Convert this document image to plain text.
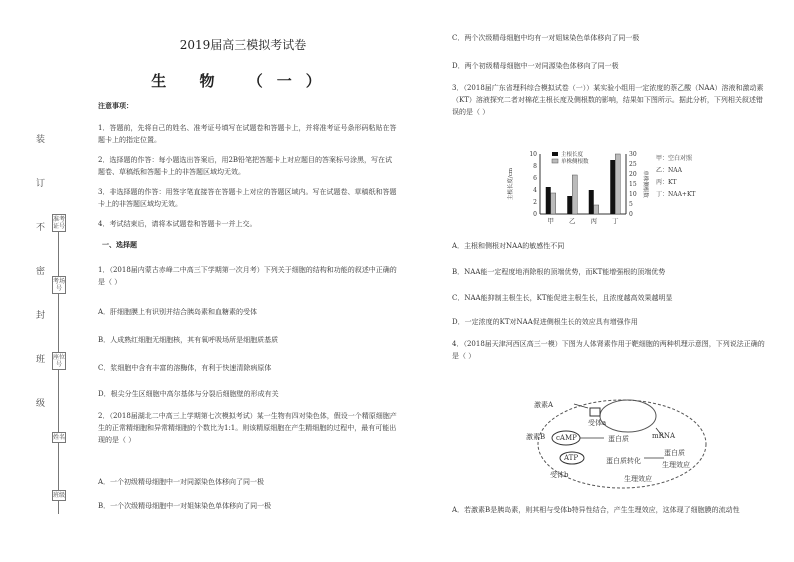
装
订
不
密
封
班
级
准考证号
考场号
座位号
姓名
班级
2019届高三模拟考试卷
生 物 （一）
注意事项：
1．答题前，先将自己的姓名、准考证号填写在试题卷和答题卡上，并将准考证号条形码粘贴在答题卡上的指定位置。
2．选择题的作答：每小题选出答案后，用2B铅笔把答题卡上对应题目的答案标号涂黑，写在试题卷、草稿纸和答题卡上的非答题区域均无效。
3．非选择题的作答：用签字笔直接答在答题卡上对应的答题区域内。写在试题卷、草稿纸和答题卡上的非答题区域均无效。
4．考试结束后，请将本试题卷和答题卡一并上交。
一、选择题
1．（2018届内蒙古赤峰二中高三下学期第一次月考）下列关于细胞的结构和功能的叙述中正确的是（ ）
A．肝细胞膜上有识别并结合胰岛素和血糖素的受体
B．人成熟红细胞无细胞核，其有氧呼吸场所是细胞质基质
C．浆细胞中含有丰富的溶酶体，有利于快速清除病原体
D．根尖分生区细胞中高尔基体与分裂后细胞壁的形成有关
2．（2018届湖北二中高三上学期第七次模拟考试）某一生物有四对染色体，假设一个精原细胞产生的正常精细胞和异常精细胞的个数比为1:1。则该精原细胞在产生精细胞的过程中，最有可能出现的是（ ）
A．一个初级精母细胞中一对同源染色体移向了同一极
B．一个次级精母细胞中一对姐妹染色单体移向了同一极
C．两个次级精母细胞中均有一对姐妹染色单体移向了同一极
D．两个初级精母细胞中一对同源染色体移向了同一极
3．（2018届广东省理科综合模拟试卷（一））某实验小组用一定浓度的萘乙酸（NAA）溶液和激动素（KT）溶液探究二者对棉花主根长度及侧根数的影响，结果如下图所示。据此分析，下列相关叙述错误的是（ ）
A．主根和侧根对NAA的敏感性不同
B．NAA能一定程度地消除根的顶端优势，而KT能增强根的顶端优势
C．NAA能抑制主根生长，KT能促进主根生长，且浓度越高效果越明显
D．一定浓度的KT对NAA促进侧根生长的效应具有增强作用
4．（2018届天津河西区高三一模）下图为人体肾素作用于靶细胞的两种机理示意图，下列说法正确的是（ ）
A．若激素B是胰岛素，则其相与受体b特异性结合，产生生理效应，这体现了细胞膜的流动性
10
8
6
4
2
0
30
25
20
15
10
5
0
主根长度/cm	单株侧根数
甲 乙 丙 丁
主根长度
单株侧根数	甲：空白对照
乙：NAA
丙：KT
丁：NAA+KT
激素A
受体a
激素B cAMP
ATP
受体b
mRNA
蛋白质
蛋白质
蛋白质转化	生理效应
生理效应
